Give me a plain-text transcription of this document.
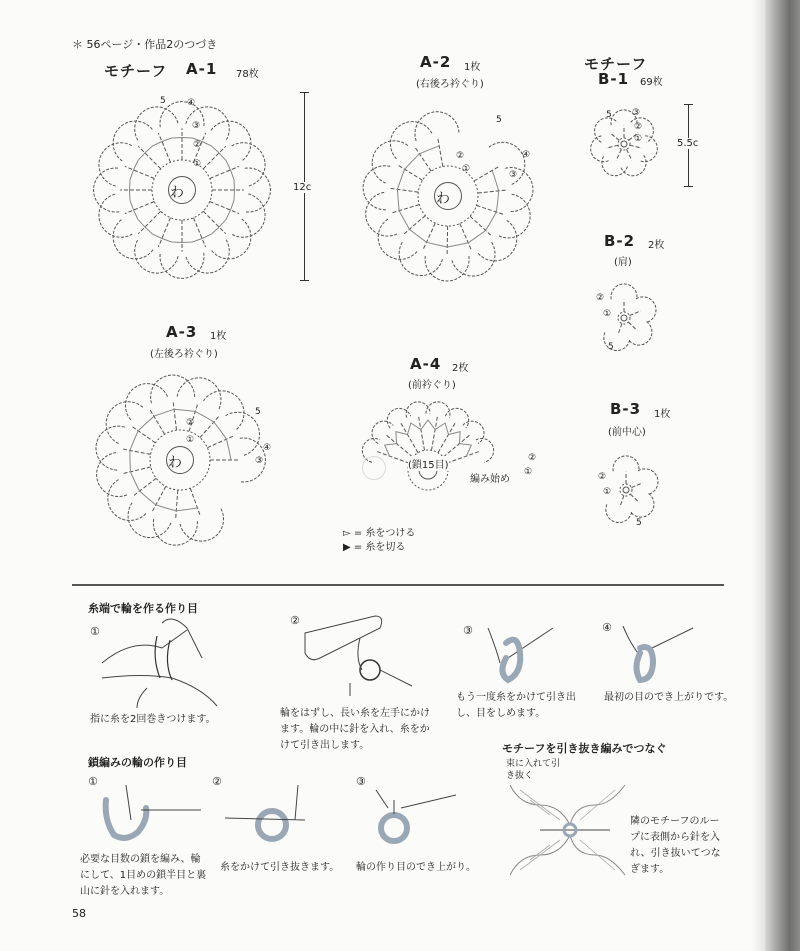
＊ 56ページ・作品2のつづき
モチーフ A-1 78枚
わ
5 ④
③
②
①
12c
A-2 1枚
(右後ろ衿ぐり)
わ
5
④
③
②
①
モチーフ
B-1 69枚
5 ③
②
①	5.5c
B-2 2枚
(肩)
②
①
5
A-3 1枚
(左後ろ衿ぐり)
わ
5
④
③
②
①
A-4 2枚
(前衿ぐり)
(鎖15目)
編み始め
②
①
B-3 1枚
(前中心)
②
①
5
▻ = 糸をつける
▶ = 糸を切る
糸端で輪を作る作り目
①
指に糸を2回巻きつけます。
②
輪をはずし、長い糸を左手にかけます。輪の中に針を入れ、糸をかけて引き出します。
③
もう一度糸をかけて引き出し、目をしめます。
④
最初の目のでき上がりです。
鎖編みの輪の作り目
①
必要な目数の鎖を編み、輪にして、1目めの鎖半目と裏山に針を入れます。
②
糸をかけて引き抜きます。
③
輪の作り目のでき上がり。
モチーフを引き抜き編みでつなぐ
束に入れて引き抜く
隣のモチーフのループに表側から針を入れ、引き抜いてつなぎます。
58
